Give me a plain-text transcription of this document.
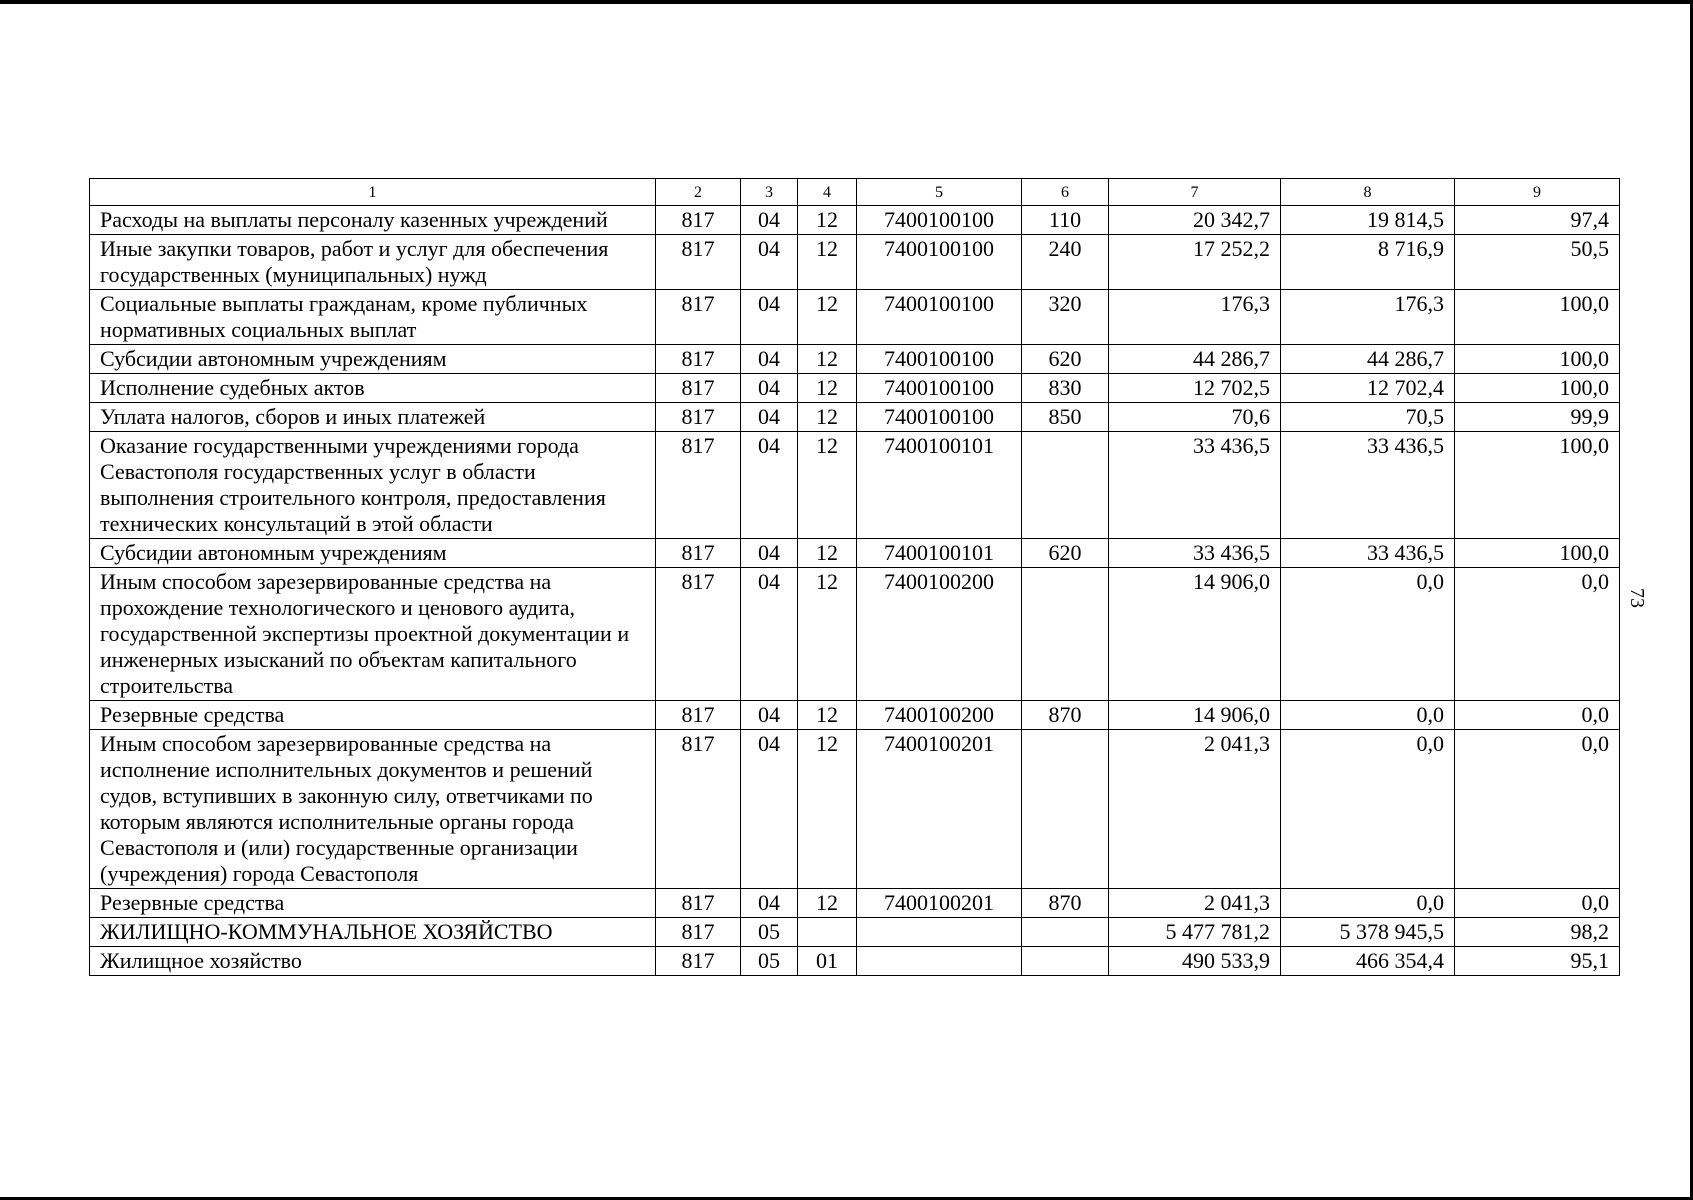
73
1	2	3	4	5	6	7	8	9
Расходы на выплаты персоналу казенных учреждений	817	04	12	7400100100	110	20 342,7	19 814,5	97,4
Иные закупки товаров, работ и услуг для обеспечения государственных (муниципальных) нужд	817	04	12	7400100100	240	17 252,2	8 716,9	50,5
Социальные выплаты гражданам, кроме публичных нормативных социальных выплат	817	04	12	7400100100	320	176,3	176,3	100,0
Субсидии автономным учреждениям	817	04	12	7400100100	620	44 286,7	44 286,7	100,0
Исполнение судебных актов	817	04	12	7400100100	830	12 702,5	12 702,4	100,0
Уплата налогов, сборов и иных платежей	817	04	12	7400100100	850	70,6	70,5	99,9
Оказание государственными учреждениями города Севастополя государственных услуг в области выполнения строительного контроля, предоставления технических консультаций в этой области	817	04	12	7400100101		33 436,5	33 436,5	100,0
Субсидии автономным учреждениям	817	04	12	7400100101	620	33 436,5	33 436,5	100,0
Иным способом зарезервированные средства на прохождение технологического и ценового аудита, государственной экспертизы проектной документации и инженерных изысканий по объектам капитального строительства	817	04	12	7400100200		14 906,0	0,0	0,0
Резервные средства	817	04	12	7400100200	870	14 906,0	0,0	0,0
Иным способом зарезервированные средства на исполнение исполнительных документов и решений судов, вступивших в законную силу, ответчиками по которым являются исполнительные органы города Севастополя и (или) государственные организации (учреждения) города Севастополя	817	04	12	7400100201		2 041,3	0,0	0,0
Резервные средства	817	04	12	7400100201	870	2 041,3	0,0	0,0
ЖИЛИЩНО-КОММУНАЛЬНОЕ ХОЗЯЙСТВО	817	05				5 477 781,2	5 378 945,5	98,2
Жилищное хозяйство	817	05	01			490 533,9	466 354,4	95,1
